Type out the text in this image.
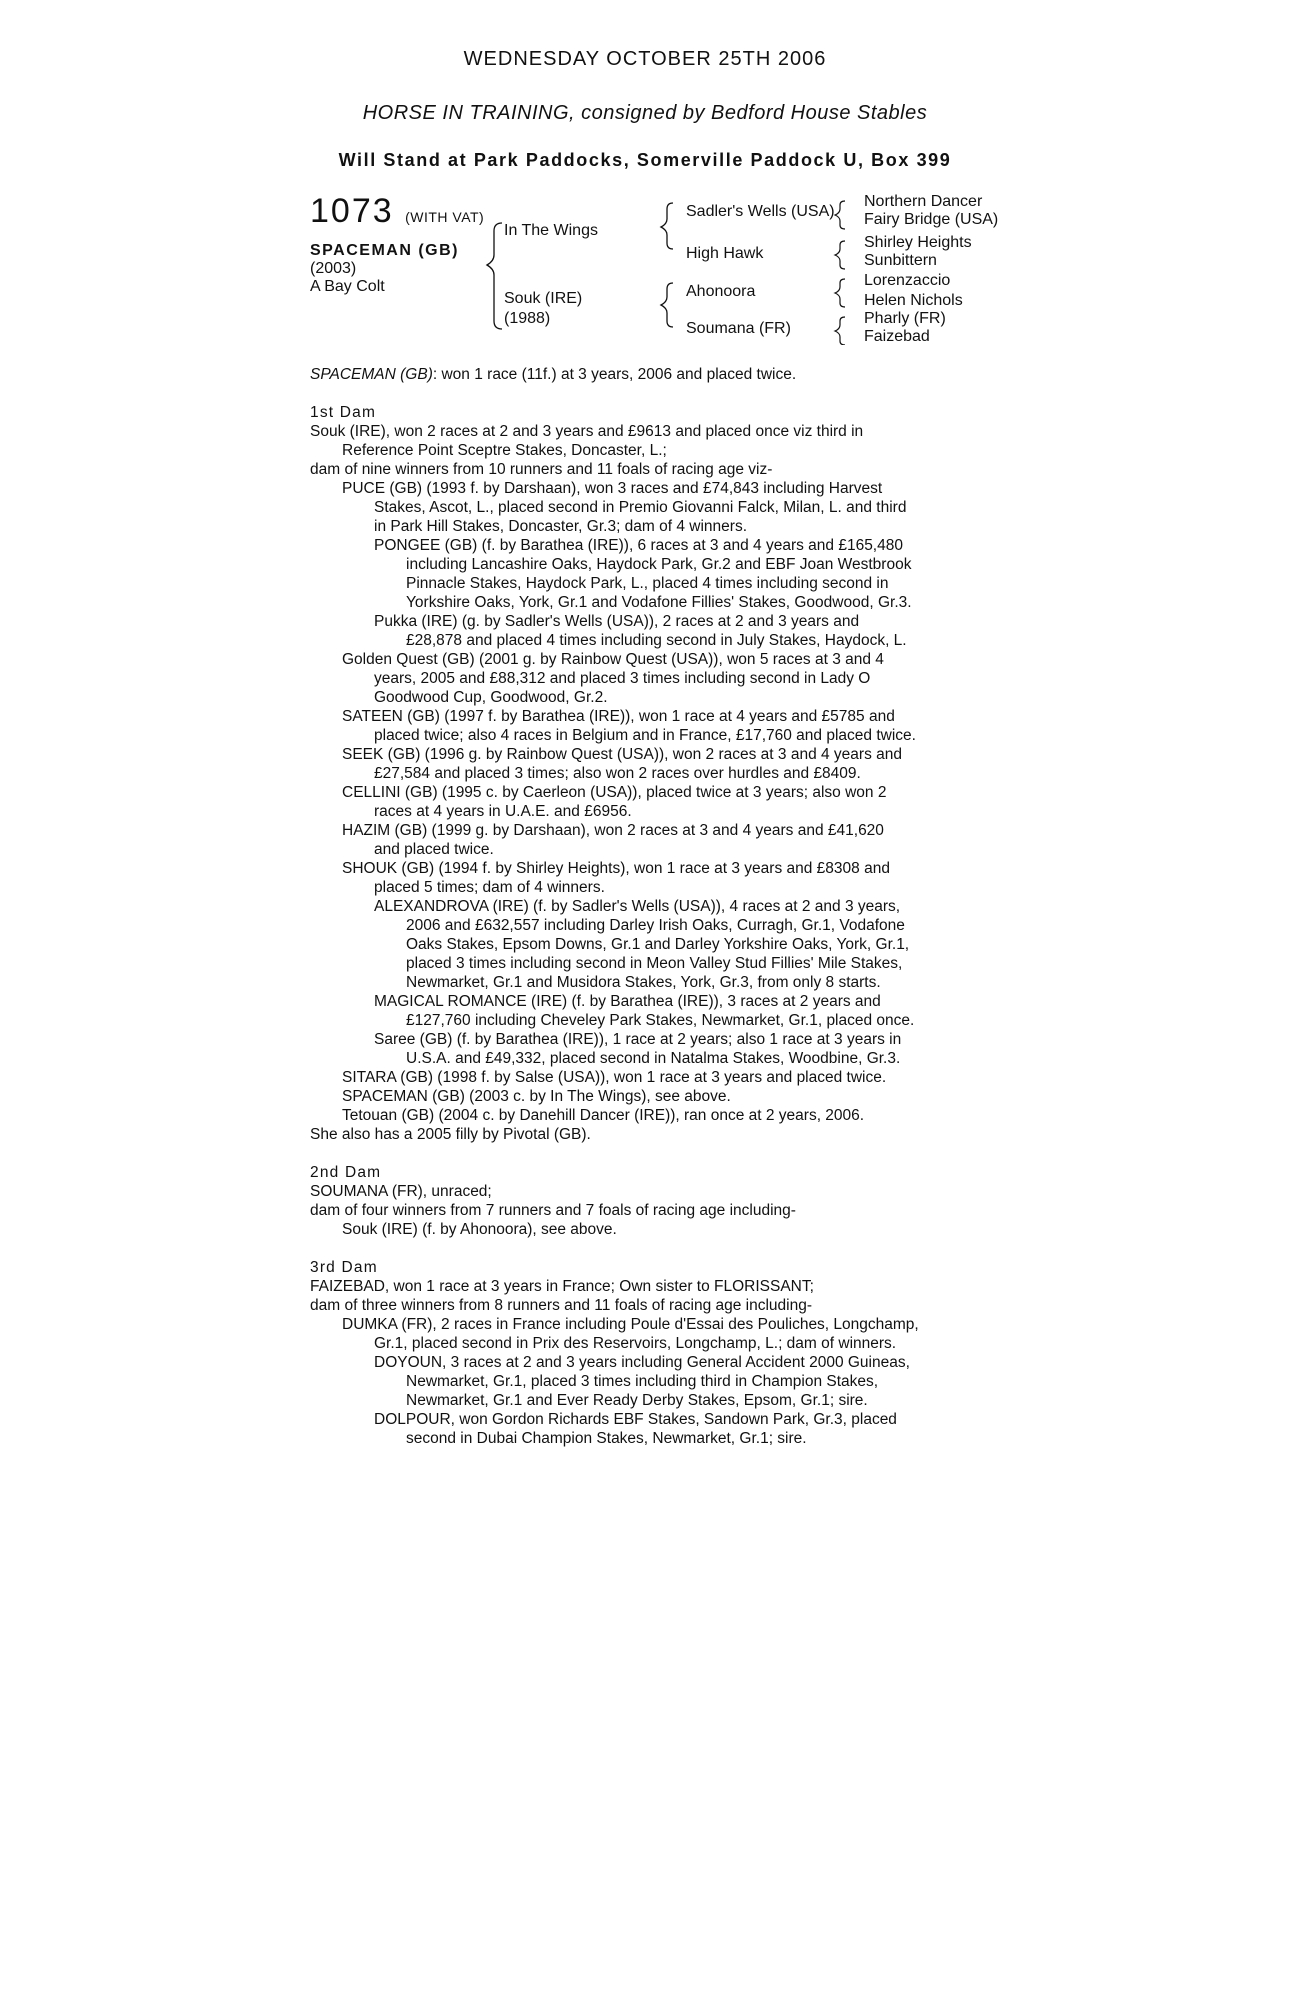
WEDNESDAY OCTOBER 25TH 2006
HORSE IN TRAINING, consigned by Bedford House Stables
Will Stand at Park Paddocks, Somerville Paddock U, Box 399
1073 (WITH VAT)
SPACEMAN (GB)
(2003)
A Bay Colt
In The Wings
Souk (IRE)
(1988)
Sadler's Wells (USA)
High Hawk
Ahonoora
Soumana (FR)
Northern Dancer
Fairy Bridge (USA)
Shirley Heights
Sunbittern
Lorenzaccio
Helen Nichols
Pharly (FR)
Faizebad
SPACEMAN (GB): won 1 race (11f.) at 3 years, 2006 and placed twice.
1st Dam
Souk (IRE), won 2 races at 2 and 3 years and £9613 and placed once viz third in
Reference Point Sceptre Stakes, Doncaster, L.;
dam of nine winners from 10 runners and 11 foals of racing age viz-
PUCE (GB) (1993 f. by Darshaan), won 3 races and £74,843 including Harvest
Stakes, Ascot, L., placed second in Premio Giovanni Falck, Milan, L. and third
in Park Hill Stakes, Doncaster, Gr.3; dam of 4 winners.
PONGEE (GB) (f. by Barathea (IRE)), 6 races at 3 and 4 years and £165,480
including Lancashire Oaks, Haydock Park, Gr.2 and EBF Joan Westbrook
Pinnacle Stakes, Haydock Park, L., placed 4 times including second in
Yorkshire Oaks, York, Gr.1 and Vodafone Fillies' Stakes, Goodwood, Gr.3.
Pukka (IRE) (g. by Sadler's Wells (USA)), 2 races at 2 and 3 years and
£28,878 and placed 4 times including second in July Stakes, Haydock, L.
Golden Quest (GB) (2001 g. by Rainbow Quest (USA)), won 5 races at 3 and 4
years, 2005 and £88,312 and placed 3 times including second in Lady O
Goodwood Cup, Goodwood, Gr.2.
SATEEN (GB) (1997 f. by Barathea (IRE)), won 1 race at 4 years and £5785 and
placed twice; also 4 races in Belgium and in France, £17,760 and placed twice.
SEEK (GB) (1996 g. by Rainbow Quest (USA)), won 2 races at 3 and 4 years and
£27,584 and placed 3 times; also won 2 races over hurdles and £8409.
CELLINI (GB) (1995 c. by Caerleon (USA)), placed twice at 3 years; also won 2
races at 4 years in U.A.E. and £6956.
HAZIM (GB) (1999 g. by Darshaan), won 2 races at 3 and 4 years and £41,620
and placed twice.
SHOUK (GB) (1994 f. by Shirley Heights), won 1 race at 3 years and £8308 and
placed 5 times; dam of 4 winners.
ALEXANDROVA (IRE) (f. by Sadler's Wells (USA)), 4 races at 2 and 3 years,
2006 and £632,557 including Darley Irish Oaks, Curragh, Gr.1, Vodafone
Oaks Stakes, Epsom Downs, Gr.1 and Darley Yorkshire Oaks, York, Gr.1,
placed 3 times including second in Meon Valley Stud Fillies' Mile Stakes,
Newmarket, Gr.1 and Musidora Stakes, York, Gr.3, from only 8 starts.
MAGICAL ROMANCE (IRE) (f. by Barathea (IRE)), 3 races at 2 years and
£127,760 including Cheveley Park Stakes, Newmarket, Gr.1, placed once.
Saree (GB) (f. by Barathea (IRE)), 1 race at 2 years; also 1 race at 3 years in
U.S.A. and £49,332, placed second in Natalma Stakes, Woodbine, Gr.3.
SITARA (GB) (1998 f. by Salse (USA)), won 1 race at 3 years and placed twice.
SPACEMAN (GB) (2003 c. by In The Wings), see above.
Tetouan (GB) (2004 c. by Danehill Dancer (IRE)), ran once at 2 years, 2006.
She also has a 2005 filly by Pivotal (GB).
2nd Dam
SOUMANA (FR), unraced;
dam of four winners from 7 runners and 7 foals of racing age including-
Souk (IRE) (f. by Ahonoora), see above.
3rd Dam
FAIZEBAD, won 1 race at 3 years in France; Own sister to FLORISSANT;
dam of three winners from 8 runners and 11 foals of racing age including-
DUMKA (FR), 2 races in France including Poule d'Essai des Pouliches, Longchamp,
Gr.1, placed second in Prix des Reservoirs, Longchamp, L.; dam of winners.
DOYOUN, 3 races at 2 and 3 years including General Accident 2000 Guineas,
Newmarket, Gr.1, placed 3 times including third in Champion Stakes,
Newmarket, Gr.1 and Ever Ready Derby Stakes, Epsom, Gr.1; sire.
DOLPOUR, won Gordon Richards EBF Stakes, Sandown Park, Gr.3, placed
second in Dubai Champion Stakes, Newmarket, Gr.1; sire.
